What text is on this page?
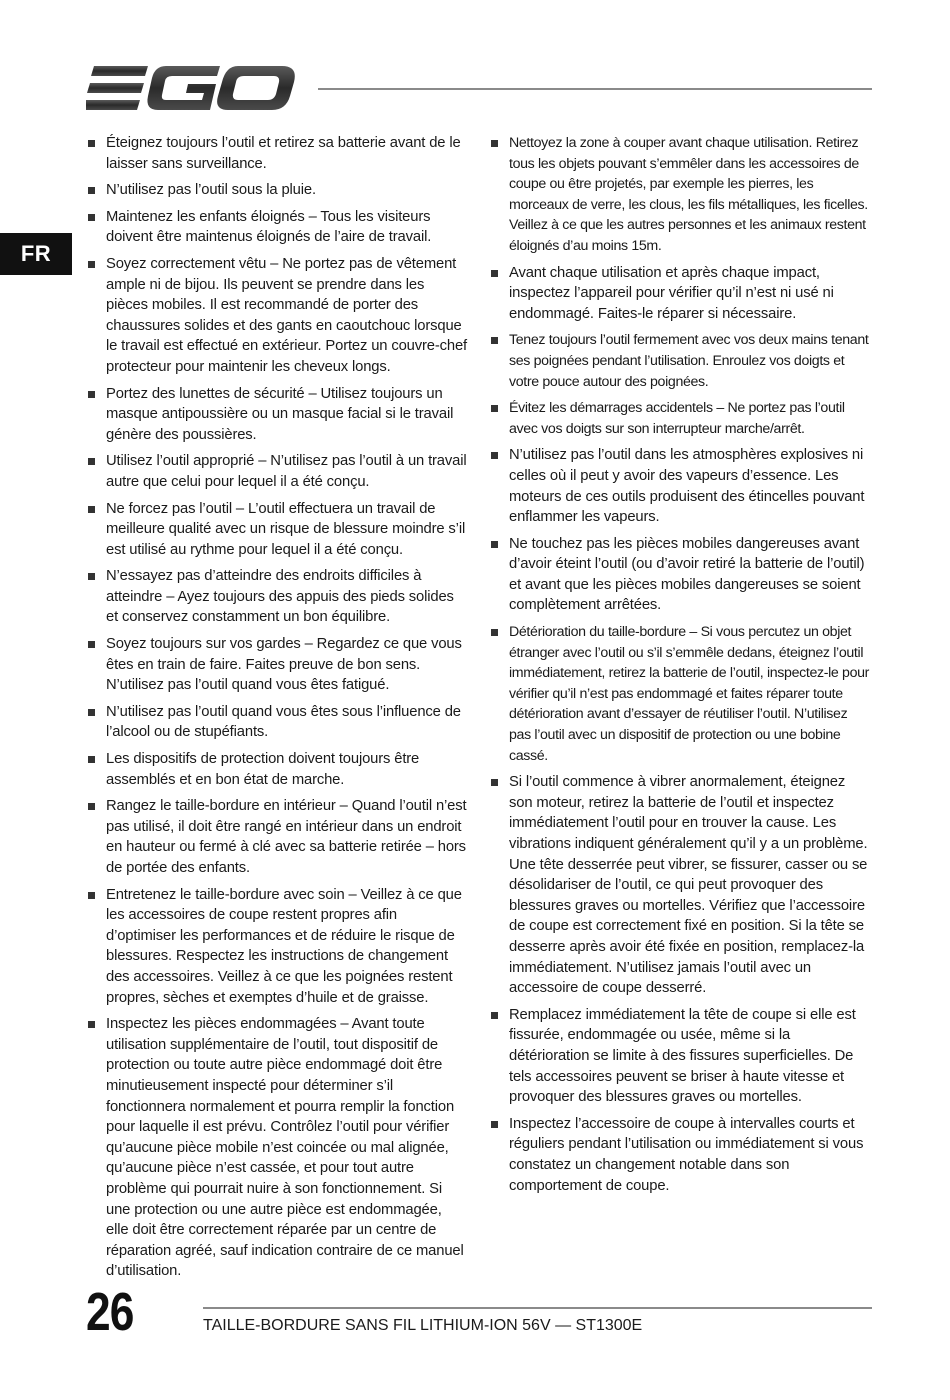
FR
Éteignez toujours l’outil et retirez sa batterie avant de le laisser sans surveillance.
N’utilisez pas l’outil sous la pluie.
Maintenez les enfants éloignés – Tous les visiteurs doivent être maintenus éloignés de l’aire de travail.
Soyez correctement vêtu – Ne portez pas de vêtement ample ni de bijou. Ils peuvent se prendre dans les pièces mobiles. Il est recommandé de porter des chaussures solides et des gants en caoutchouc lorsque le travail est effectué en extérieur. Portez un couvre-chef protecteur pour maintenir les cheveux longs.
Portez des lunettes de sécurité – Utilisez toujours un masque antipoussière ou un masque facial si le travail génère des poussières.
Utilisez l’outil approprié – N’utilisez pas l’outil à un travail autre que celui pour lequel il a été conçu.
Ne forcez pas l’outil – L’outil effectuera un travail de meilleure qualité avec un risque de blessure moindre s’il est utilisé au rythme pour lequel il a été conçu.
N’essayez pas d’atteindre des endroits difficiles à atteindre – Ayez toujours des appuis des pieds solides et conservez constamment un bon équilibre.
Soyez toujours sur vos gardes – Regardez ce que vous êtes en train de faire. Faites preuve de bon sens. N’utilisez pas l’outil quand vous êtes fatigué.
N’utilisez pas l’outil quand vous êtes sous l’influence de l’alcool ou de stupéfiants.
Les dispositifs de protection doivent toujours être assemblés et en bon état de marche.
Rangez le taille-bordure en intérieur – Quand l’outil n’est pas utilisé, il doit être rangé en intérieur dans un endroit en hauteur ou fermé à clé avec sa batterie retirée – hors de portée des enfants.
Entretenez le taille-bordure avec soin – Veillez à ce que les accessoires de coupe restent propres afin d’optimiser les performances et de réduire le risque de blessures. Respectez les instructions de changement des accessoires. Veillez à ce que les poignées restent propres, sèches et exemptes d’huile et de graisse.
Inspectez les pièces endommagées – Avant toute utilisation supplémentaire de l’outil, tout dispositif de protection ou toute autre pièce endommagé doit être minutieusement inspecté pour déterminer s’il fonctionnera normalement et pourra remplir la fonction pour laquelle il est prévu. Contrôlez l’outil pour vérifier qu’aucune pièce mobile n’est coincée ou mal alignée, qu’aucune pièce n’est cassée, et pour tout autre problème qui pourrait nuire à son fonctionnement. Si une protection ou une autre pièce est endommagée, elle doit être correctement réparée par un centre de réparation agréé, sauf indication contraire de ce manuel d’utilisation.
Nettoyez la zone à couper avant chaque utilisation. Retirez tous les objets pouvant s’emmêler dans les accessoires de coupe ou être projetés, par exemple les pierres, les morceaux de verre, les clous, les fils métalliques, les ficelles. Veillez à ce que les autres personnes et les animaux restent éloignés d’au moins 15m.
Avant chaque utilisation et après chaque impact, inspectez l’appareil pour vérifier qu’il n’est ni usé ni endommagé. Faites-le réparer si nécessaire.
Tenez toujours l’outil fermement avec vos deux mains tenant ses poignées pendant l’utilisation. Enroulez vos doigts et votre pouce autour des poignées.
Évitez les démarrages accidentels – Ne portez pas l’outil avec vos doigts sur son interrupteur marche/arrêt.
N’utilisez pas l’outil dans les atmosphères explosives ni celles où il peut y avoir des vapeurs d’essence. Les moteurs de ces outils produisent des étincelles pouvant enflammer les vapeurs.
Ne touchez pas les pièces mobiles dangereuses avant d’avoir éteint l’outil (ou d’avoir retiré la batterie de l’outil) et avant que les pièces mobiles dangereuses se soient complètement arrêtées.
Détérioration du taille-bordure – Si vous percutez un objet étranger avec l’outil ou s’il s’emmêle dedans, éteignez l’outil immédiatement, retirez la batterie de l’outil, inspectez-le pour vérifier qu’il n’est pas endommagé et faites réparer toute détérioration avant d’essayer de réutiliser l’outil. N’utilisez pas l’outil avec un dispositif de protection ou une bobine cassé.
Si l’outil commence à vibrer anormalement, éteignez son moteur, retirez la batterie de l’outil et inspectez immédiatement l’outil pour en trouver la cause. Les vibrations indiquent généralement qu’il y a un problème. Une tête desserrée peut vibrer, se fissurer, casser ou se désolidariser de l’outil, ce qui peut provoquer des blessures graves ou mortelles. Vérifiez que l’accessoire de coupe est correctement fixé en position. Si la tête se desserre après avoir été fixée en position, remplacez-la immédiatement. N’utilisez jamais l’outil avec un accessoire de coupe desserré.
Remplacez immédiatement la tête de coupe si elle est fissurée, endommagée ou usée, même si la détérioration se limite à des fissures superficielles. De tels accessoires peuvent se briser à haute vitesse et provoquer des blessures graves ou mortelles.
Inspectez l’accessoire de coupe à intervalles courts et réguliers pendant l’utilisation ou immédiatement si vous constatez un changement notable dans son comportement de coupe.
26	TAILLE-BORDURE SANS FIL LITHIUM-ION 56V — ST1300E
